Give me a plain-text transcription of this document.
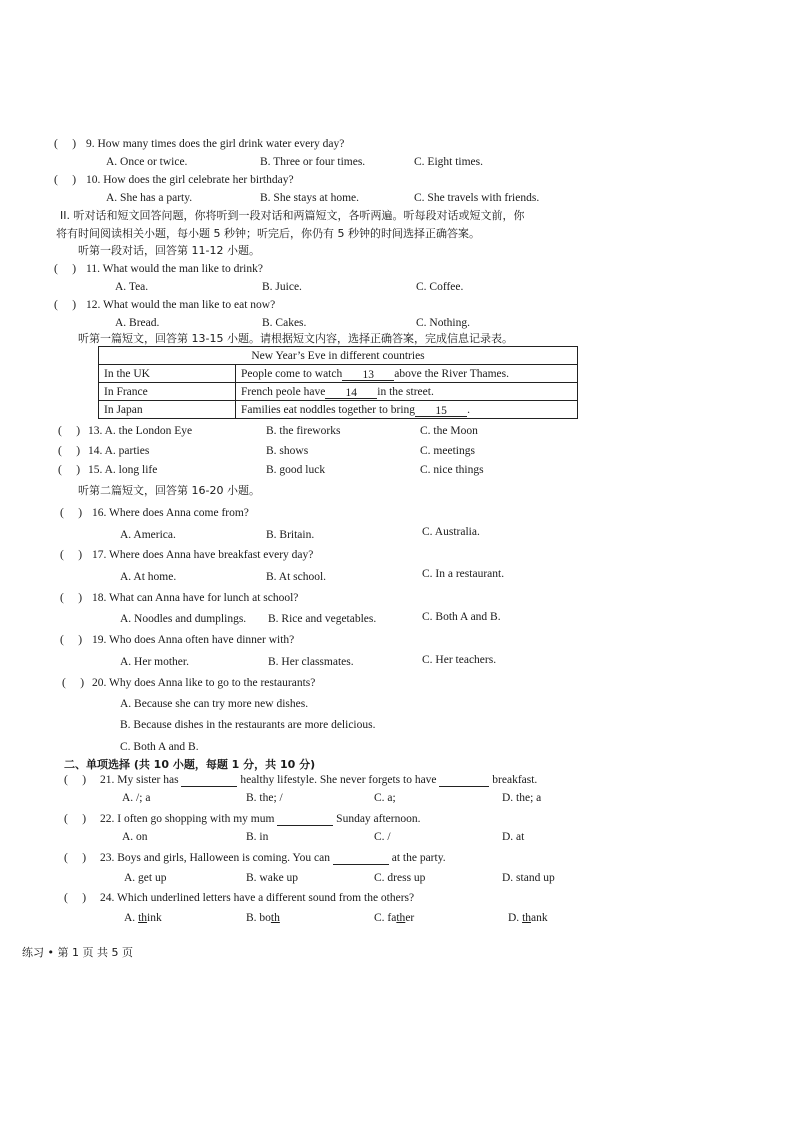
( ) 9. How many times does the girl drink water every day?
A. Once or twice.	B. Three or four times.	C. Eight times.
( ) 10. How does the girl celebrate her birthday?
A. She has a party.	B. She stays at home.	C. She travels with friends.
II. 听对话和短文回答问题，你将听到一段对话和两篇短文，各听两遍。听每段对话或短文前，你
将有时间阅读相关小题，每小题 5 秒钟；听完后，你仍有 5 秒钟的时间选择正确答案。
听第一段对话，回答第 11-12 小题。
( ) 11. What would the man like to drink?
A. Tea.	B. Juice.	C. Coffee.
( ) 12. What would the man like to eat now?
A. Bread.	B. Cakes.	C. Nothing.
听第一篇短文，回答第 13-15 小题。请根据短文内容，选择正确答案，完成信息记录表。
New Year’s Eve in different countries	
In the UK	People come to watch 13 above the River Thames.
In France	French peole have 14 in the street.
In Japan	Families eat noddles together to bring 15 .
( ) 13. A. the London Eye	B. the fireworks	C. the Moon
( ) 14. A. parties	B. shows	C. meetings
( ) 15. A. long life	B. good luck	C. nice things
听第二篇短文，回答第 16-20 小题。
( ) 16. Where does Anna come from?
A. America.	B. Britain.	C. Australia.
( ) 17. Where does Anna have breakfast every day?
A. At home.	B. At school.	C. In a restaurant.
( ) 18. What can Anna have for lunch at school?
A. Noodles and dumplings. B. Rice and vegetables.	C. Both A and B.
( ) 19. Who does Anna often have dinner with?
A. Her mother.	B. Her classmates.	C. Her teachers.
( ) 20. Why does Anna like to go to the restaurants?
A. Because she can try more new dishes.
B. Because dishes in the restaurants are more delicious.
C. Both A and B.
二、单项选择 (共 10 小题，每题 1 分，共 10 分)
( ) 21. My sister has	healthy lifestyle. She never forgets to have	breakfast.
A. /; a	B. the; /	C. a;	D. the; a
( ) 22. I often go shopping with my mum	Sunday afternoon.
A. on	B. in	C. /	D. at
( ) 23. Boys and girls, Halloween is coming. You can	at the party.
A. get up	B. wake up	C. dress up	D. stand up
( ) 24. Which underlined letters have a different sound from the others?
A. think	B. both	C. father	D. thank
练习 • 第 1 页 共 5 页
